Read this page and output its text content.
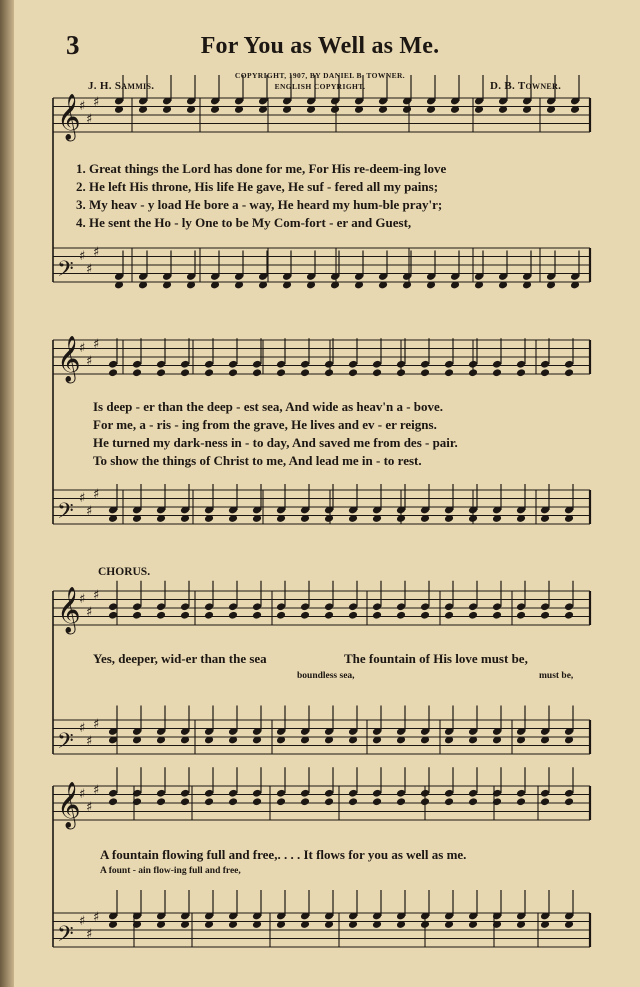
3	For You as Well as Me.
J. H. Sammis.	D. B. Towner.
COPYRIGHT, 1907, BY DANIEL B. TOWNER.
ENGLISH COPYRIGHT.
𝄞
♯
♯
♯
𝄢
♯
♯
♯
𝄞
♯
♯
♯
𝄢
♯
♯
♯
𝄞
♯
♯
♯
𝄢
♯
♯
♯
𝄞
♯
♯
♯
𝄢
♯
♯
♯
1. Great things the Lord has done for me, For His re-deem-ing love
2. He left His throne, His life He gave, He suf - fered all my pains;
3. My heav - y load He bore a - way, He heard my hum-ble pray'r;
4. He sent the Ho - ly One to be My Com-fort - er and Guest,
Is deep - er than the deep - est sea, And wide as heav'n a - bove.
For me, a - ris - ing from the grave, He lives and ev - er reigns.
He turned my dark-ness in - to day, And saved me from des - pair.
To show the things of Christ to me, And lead me in - to rest.
CHORUS.
Yes, deeper, wid-er than the sea	The fountain of His love must be,
boundless sea,	must be,
A fountain flowing full and free,. . . . It flows for you as well as me.
A fount - ain flow-ing full and free,
